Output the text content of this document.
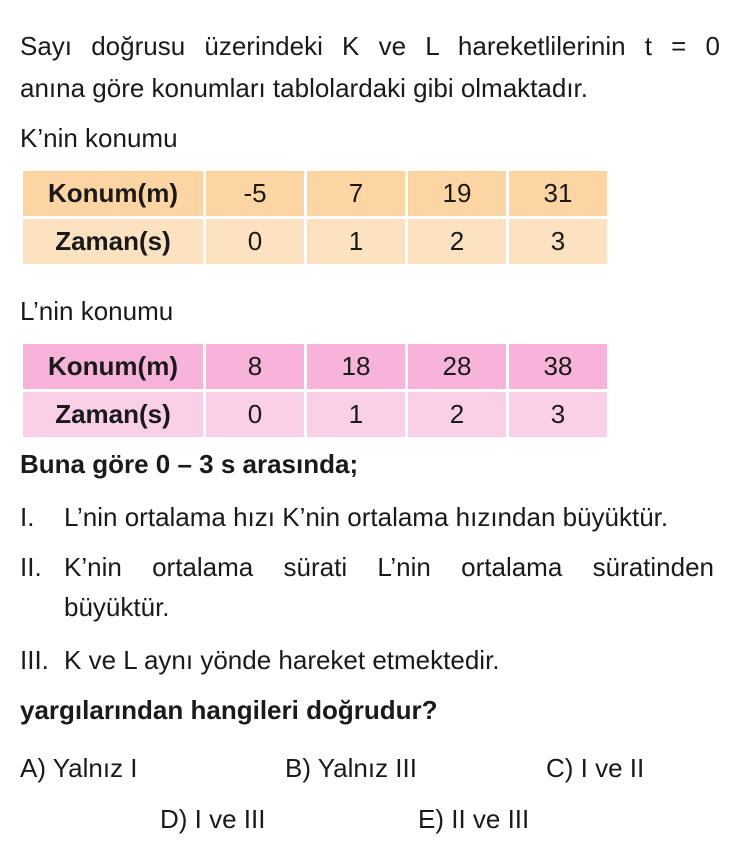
Sayı doğrusu üzerindeki K ve L hareketlilerinin t = 0
anına göre konumları tablolardaki gibi olmaktadır.
K’nin konumu
Konum(m)	-5	7	19	31
Zaman(s)	0	1	2	3
L’nin konumu
Konum(m)	8	18	28	38
Zaman(s)	0	1	2	3
Buna göre 0 – 3 s arasında;
I. L’nin ortalama hızı K’nin ortalama hızından büyüktür.
II. K’nin ortalama sürati L’nin ortalama süratinden
büyüktür.
III. K ve L aynı yönde hareket etmektedir.
yargılarından hangileri doğrudur?
A) Yalnız I	B) Yalnız III	C) I ve II
D) I ve III	E) II ve III
